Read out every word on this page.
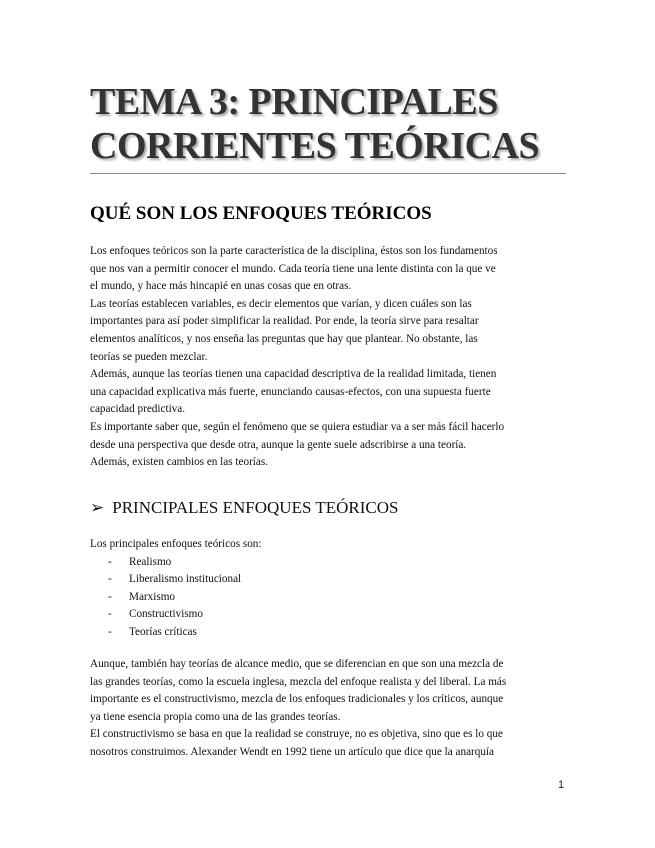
TEMA 3: PRINCIPALES
CORRIENTES TEÓRICAS
QUÉ SON LOS ENFOQUES TEÓRICOS
Los enfoques teóricos son la parte característica de la disciplina, éstos son los fundamentos
que nos van a permitir conocer el mundo. Cada teoría tiene una lente distinta con la que ve
el mundo, y hace más hincapié en unas cosas que en otras.
Las teorías establecen variables, es decir elementos que varían, y dicen cuáles son las
importantes para así poder simplificar la realidad. Por ende, la teoría sirve para resaltar
elementos analíticos, y nos enseña las preguntas que hay que plantear. No obstante, las
teorías se pueden mezclar.
Además, aunque las teorías tienen una capacidad descriptiva de la realidad limitada, tienen
una capacidad explicativa más fuerte, enunciando causas-efectos, con una supuesta fuerte
capacidad predictiva.
Es importante saber que, según el fenómeno que se quiera estudiar va a ser más fácil hacerlo
desde una perspectiva que desde otra, aunque la gente suele adscribirse a una teoría.
Además, existen cambios en las teorías.
➢ PRINCIPALES ENFOQUES TEÓRICOS
Los principales enfoques teóricos son:
- Realismo
- Liberalismo institucional
- Marxismo
- Constructivismo
- Teorías críticas
Aunque, también hay teorías de alcance medio, que se diferencian en que son una mezcla de
las grandes teorías, como la escuela inglesa, mezcla del enfoque realista y del liberal. La más
importante es el constructivismo, mezcla de los enfoques tradicionales y los críticos, aunque
ya tiene esencia propia como una de las grandes teorías.
El constructivismo se basa en que la realidad se construye, no es objetiva, sino que es lo que
nosotros construimos. Alexander Wendt en 1992 tiene un artículo que dice que la anarquía
1
